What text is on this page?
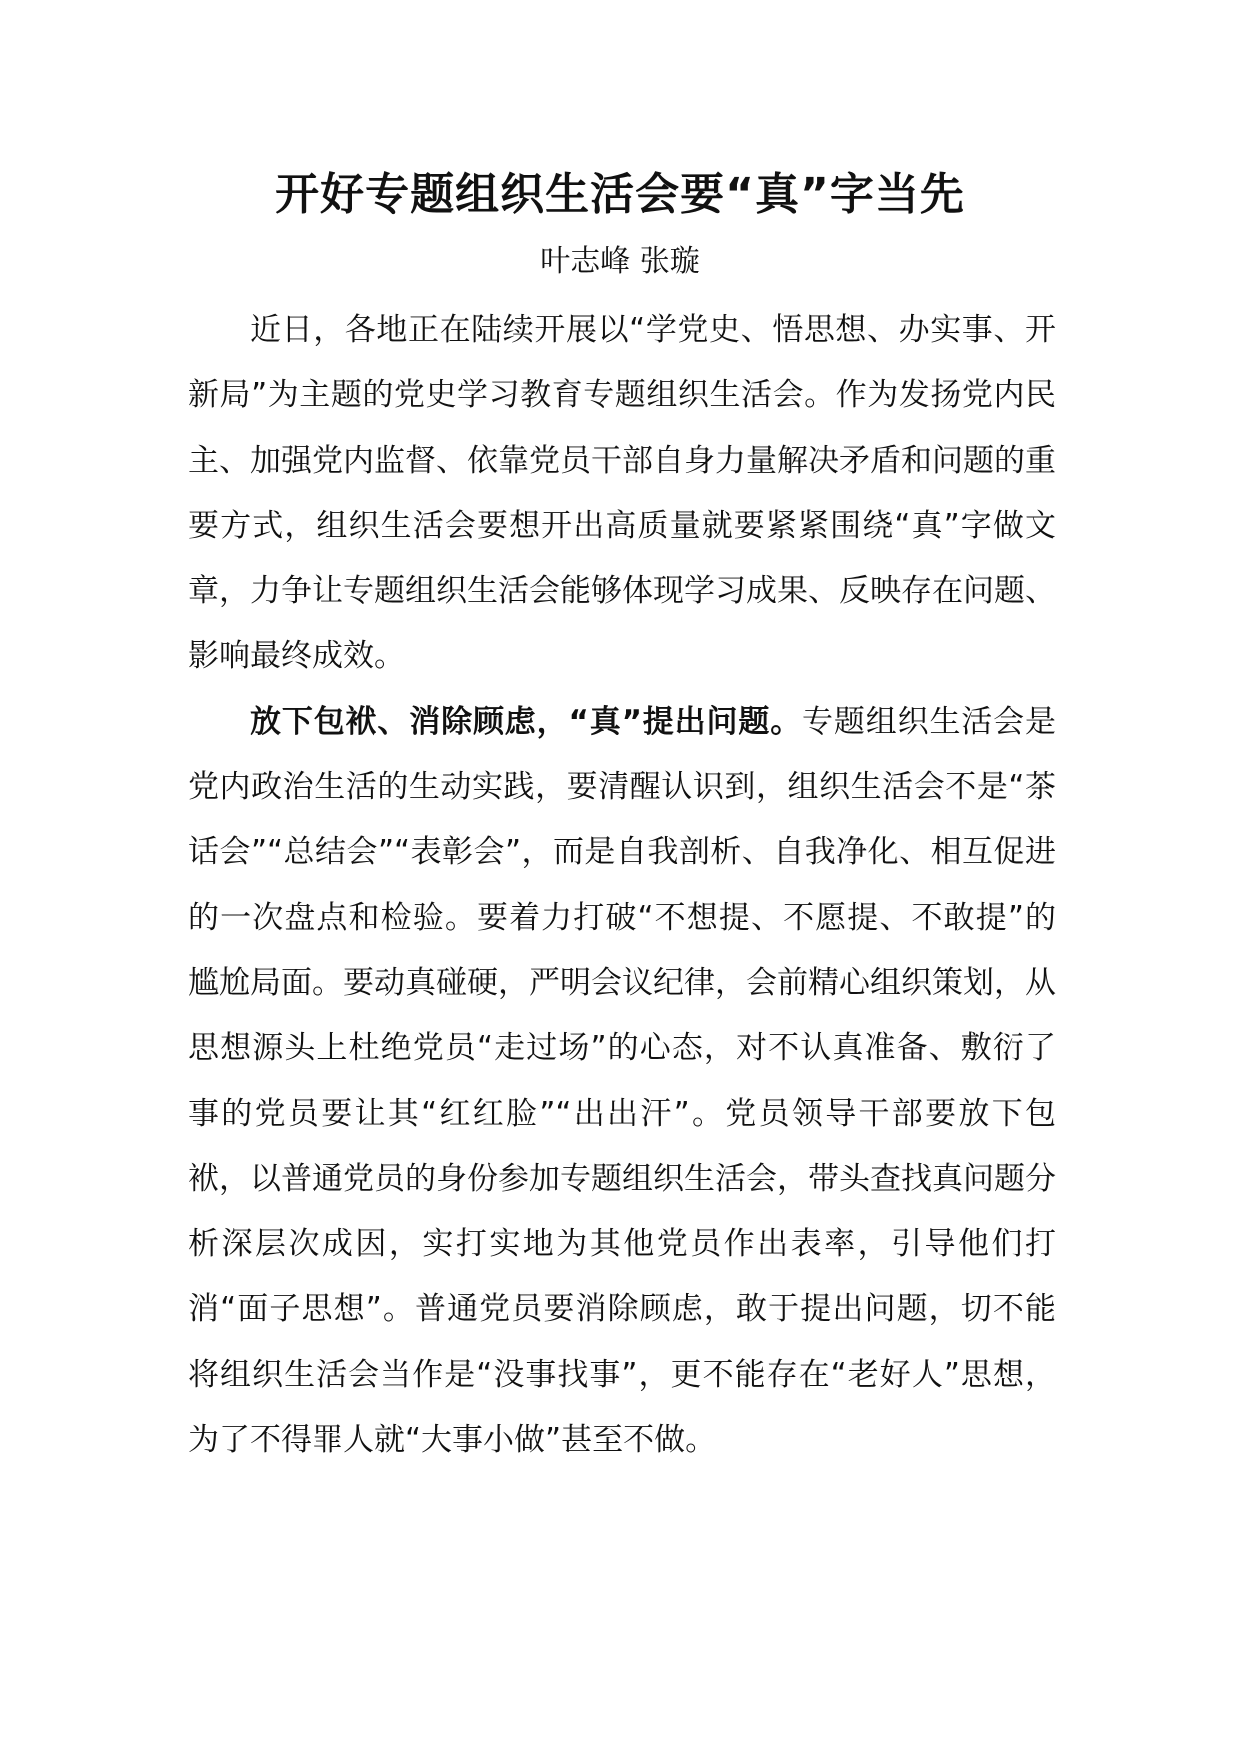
开好专题组织生活会要“真”字当先
叶志峰 张璇

近日，各地正在陆续开展以“学党史、悟思想、办实事、开新局”为主题的党史学习教育专题组织生活会。作为发扬党内民主、加强党内监督、依靠党员干部自身力量解决矛盾和问题的重要方式，组织生活会要想开出高质量就要紧紧围绕“真”字做文章，力争让专题组织生活会能够体现学习成果、反映存在问题、影响最终成效。

放下包袱、消除顾虑，“真”提出问题。专题组织生活会是党内政治生活的生动实践，要清醒认识到，组织生活会不是“茶话会”“总结会”“表彰会”，而是自我剖析、自我净化、相互促进的一次盘点和检验。要着力打破“不想提、不愿提、不敢提”的尴尬局面。要动真碰硬，严明会议纪律，会前精心组织策划，从思想源头上杜绝党员“走过场”的心态，对不认真准备、敷衍了事的党员要让其“红红脸”“出出汗”。党员领导干部要放下包袱，以普通党员的身份参加专题组织生活会，带头查找真问题分析深层次成因，实打实地为其他党员作出表率，引导他们打消“面子思想”。普通党员要消除顾虑，敢于提出问题，切不能将组织生活会当作是“没事找事”，更不能存在“老好人”思想，为了不得罪人就“大事小做”甚至不做。
